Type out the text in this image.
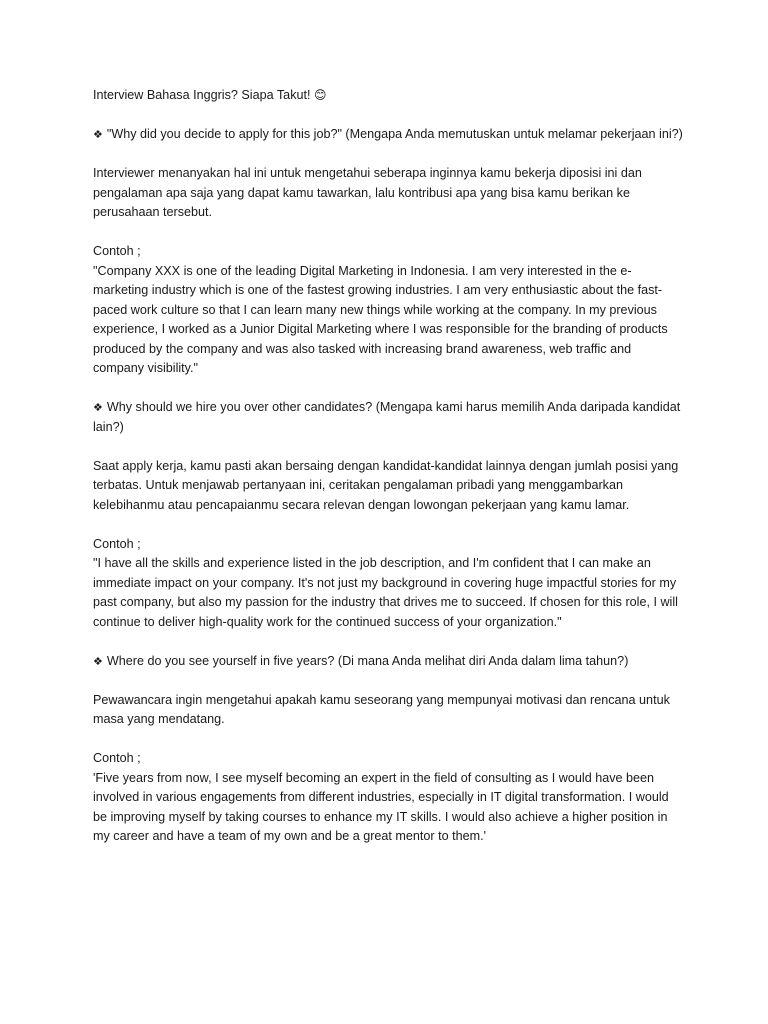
Interview Bahasa Inggris? Siapa Takut! 😊

❖ "Why did you decide to apply for this job?" (Mengapa Anda memutuskan untuk melamar pekerjaan ini?)

Interviewer menanyakan hal ini untuk mengetahui seberapa inginnya kamu bekerja diposisi ini dan pengalaman apa saja yang dapat kamu tawarkan, lalu kontribusi apa yang bisa kamu berikan ke perusahaan tersebut.

Contoh ;

"Company XXX is one of the leading Digital Marketing in Indonesia. I am very interested in the e-marketing industry which is one of the fastest growing industries. I am very enthusiastic about the fast-paced work culture so that I can learn many new things while working at the company. In my previous experience, I worked as a Junior Digital Marketing where I was responsible for the branding of products produced by the company and was also tasked with increasing brand awareness, web traffic and company visibility."

❖ Why should we hire you over other candidates? (Mengapa kami harus memilih Anda daripada kandidat lain?)

Saat apply kerja, kamu pasti akan bersaing dengan kandidat-kandidat lainnya dengan jumlah posisi yang terbatas. Untuk menjawab pertanyaan ini, ceritakan pengalaman pribadi yang menggambarkan kelebihanmu atau pencapaianmu secara relevan dengan lowongan pekerjaan yang kamu lamar.

Contoh ;

"I have all the skills and experience listed in the job description, and I'm confident that I can make an immediate impact on your company. It's not just my background in covering huge impactful stories for my past company, but also my passion for the industry that drives me to succeed. If chosen for this role, I will continue to deliver high-quality work for the continued success of your organization."

❖ Where do you see yourself in five years? (Di mana Anda melihat diri Anda dalam lima tahun?)

Pewawancara ingin mengetahui apakah kamu seseorang yang mempunyai motivasi dan rencana untuk masa yang mendatang.

Contoh ;

'Five years from now, I see myself becoming an expert in the field of consulting as I would have been involved in various engagements from different industries, especially in IT digital transformation. I would be improving myself by taking courses to enhance my IT skills. I would also achieve a higher position in my career and have a team of my own and be a great mentor to them.'
